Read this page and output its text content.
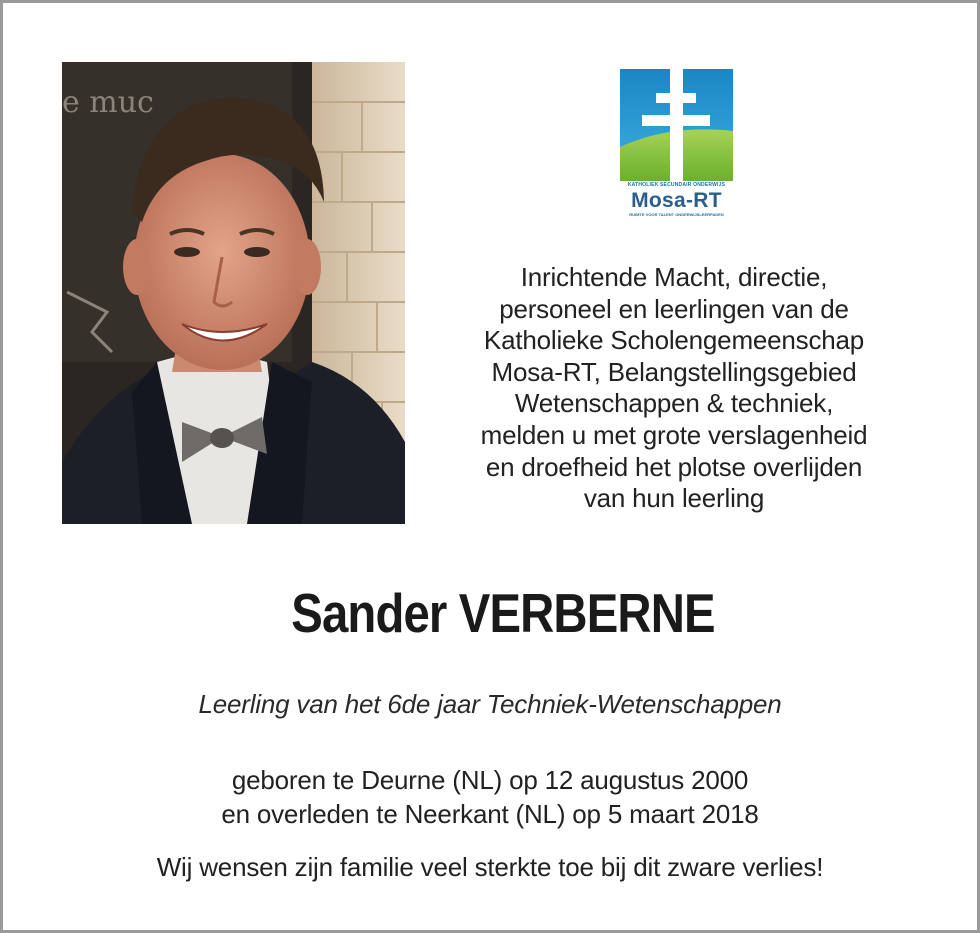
e muc
KATHOLIEK SECUNDAIR ONDERWIJS
Mosa-RT
RUIMTE VOOR TALENT ONDERWIJSLEERPADEN
Inrichtende Macht, directie,
personeel en leerlingen van de
Katholieke Scholengemeenschap
Mosa-RT, Belangstellingsgebied
Wetenschappen & techniek,
melden u met grote verslagenheid
en droefheid het plotse overlijden
van hun leerling
Sander VERBERNE
Leerling van het 6de jaar Techniek-Wetenschappen
geboren te Deurne (NL) op 12 augustus 2000
en overleden te Neerkant (NL) op 5 maart 2018
Wij wensen zijn familie veel sterkte toe bij dit zware verlies!
